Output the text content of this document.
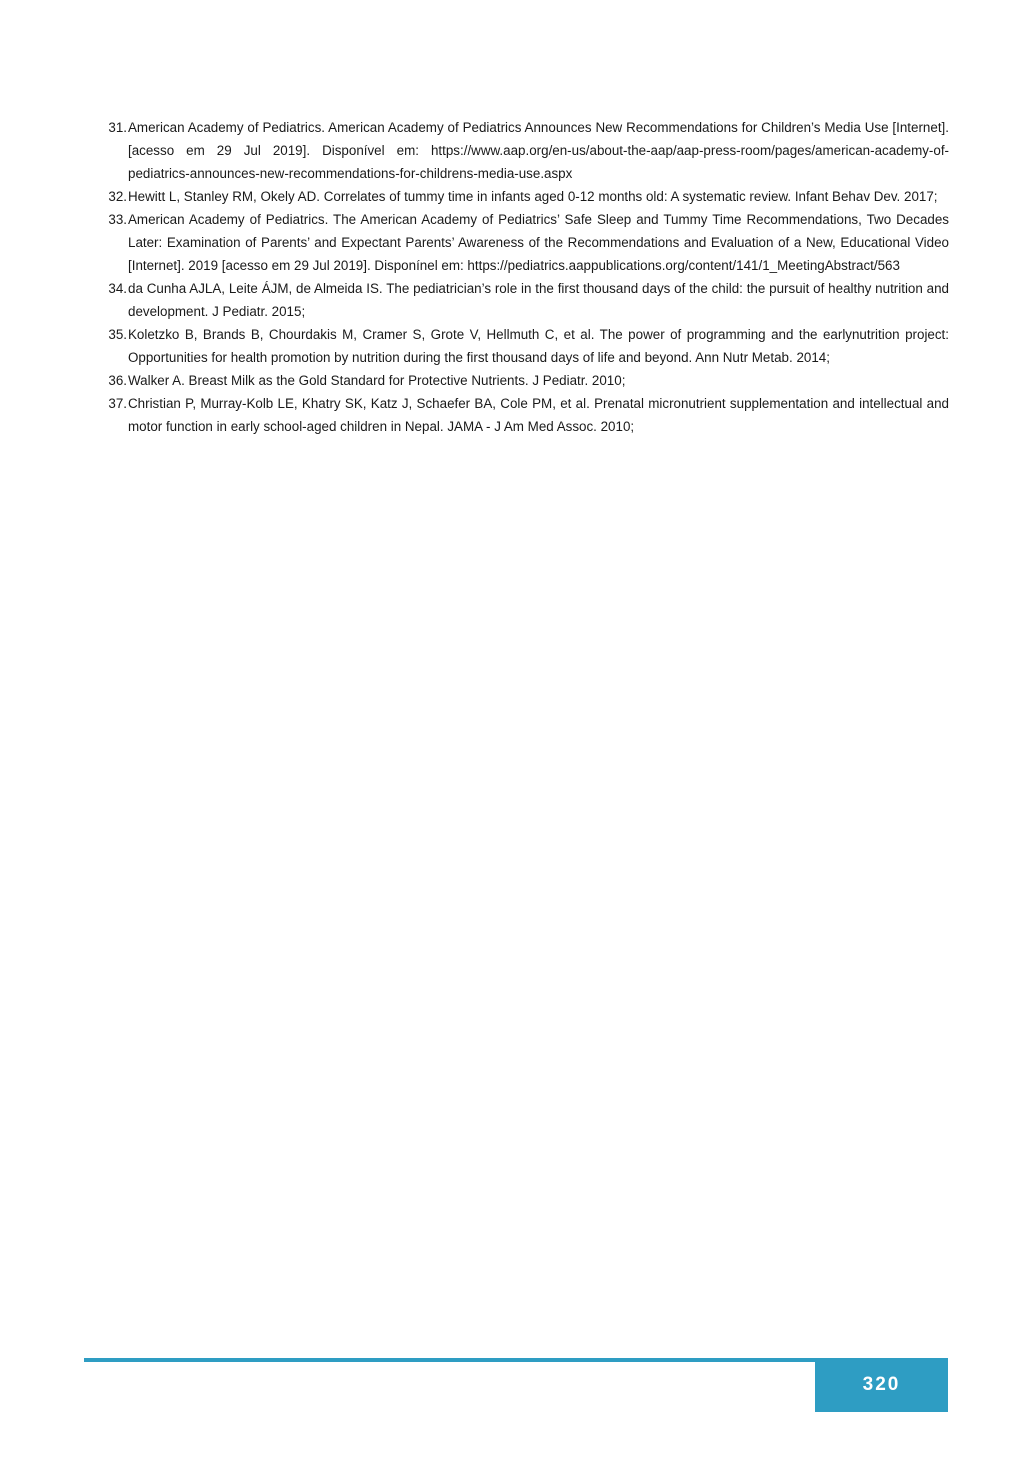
31. American Academy of Pediatrics. American Academy of Pediatrics Announces New Recommendations for Children’s Media Use [Internet]. [acesso em 29 Jul 2019]. Disponível em: https://www.aap.org/en-us/about-the-aap/aap-press-room/pages/american-academy-of-pediatrics-announces-new-recommendations-for-childrens-media-use.aspx
32. Hewitt L, Stanley RM, Okely AD. Correlates of tummy time in infants aged 0-12 months old: A systematic review. Infant Behav Dev. 2017;
33. American Academy of Pediatrics. The American Academy of Pediatrics’ Safe Sleep and Tummy Time Recommendations, Two Decades Later: Examination of Parents’ and Expectant Parents’ Awareness of the Recommendations and Evaluation of a New, Educational Video [Internet]. 2019 [acesso em 29 Jul 2019]. Disponínel em: https://pediatrics.aappublications.org/content/141/1_MeetingAbstract/563
34. da Cunha AJLA, Leite ÁJM, de Almeida IS. The pediatrician’s role in the first thousand days of the child: the pursuit of healthy nutrition and development. J Pediatr. 2015;
35. Koletzko B, Brands B, Chourdakis M, Cramer S, Grote V, Hellmuth C, et al. The power of programming and the earlynutrition project: Opportunities for health promotion by nutrition during the first thousand days of life and beyond. Ann Nutr Metab. 2014;
36. Walker A. Breast Milk as the Gold Standard for Protective Nutrients. J Pediatr. 2010;
37. Christian P, Murray-Kolb LE, Khatry SK, Katz J, Schaefer BA, Cole PM, et al. Prenatal micronutrient supplementation and intellectual and motor function in early school-aged children in Nepal. JAMA - J Am Med Assoc. 2010;
320
